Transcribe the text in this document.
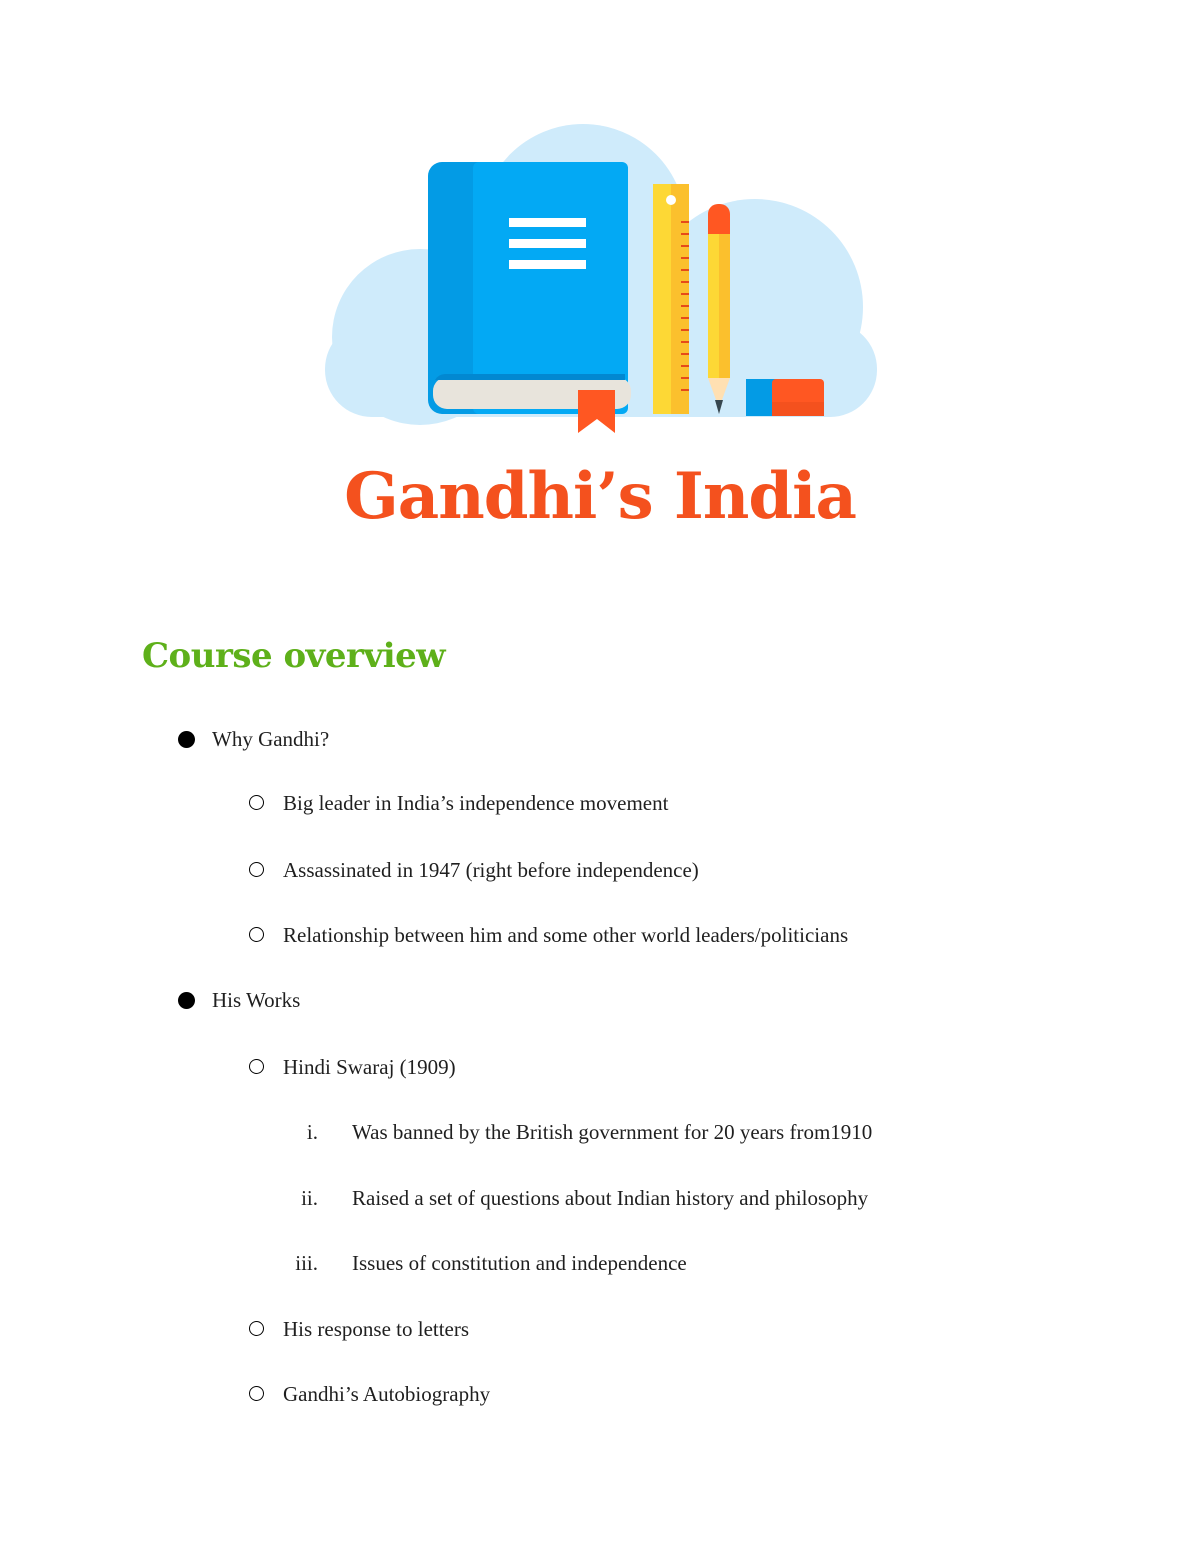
Gandhi’s India
Course overview
Why Gandhi?
Big leader in India’s independence movement
Assassinated in 1947 (right before independence)
Relationship between him and some other world leaders/politicians
His Works
Hindi Swaraj (1909)
i. Was banned by the British government for 20 years from1910
ii. Raised a set of questions about Indian history and philosophy
iii. Issues of constitution and independence
His response to letters
Gandhi’s Autobiography
